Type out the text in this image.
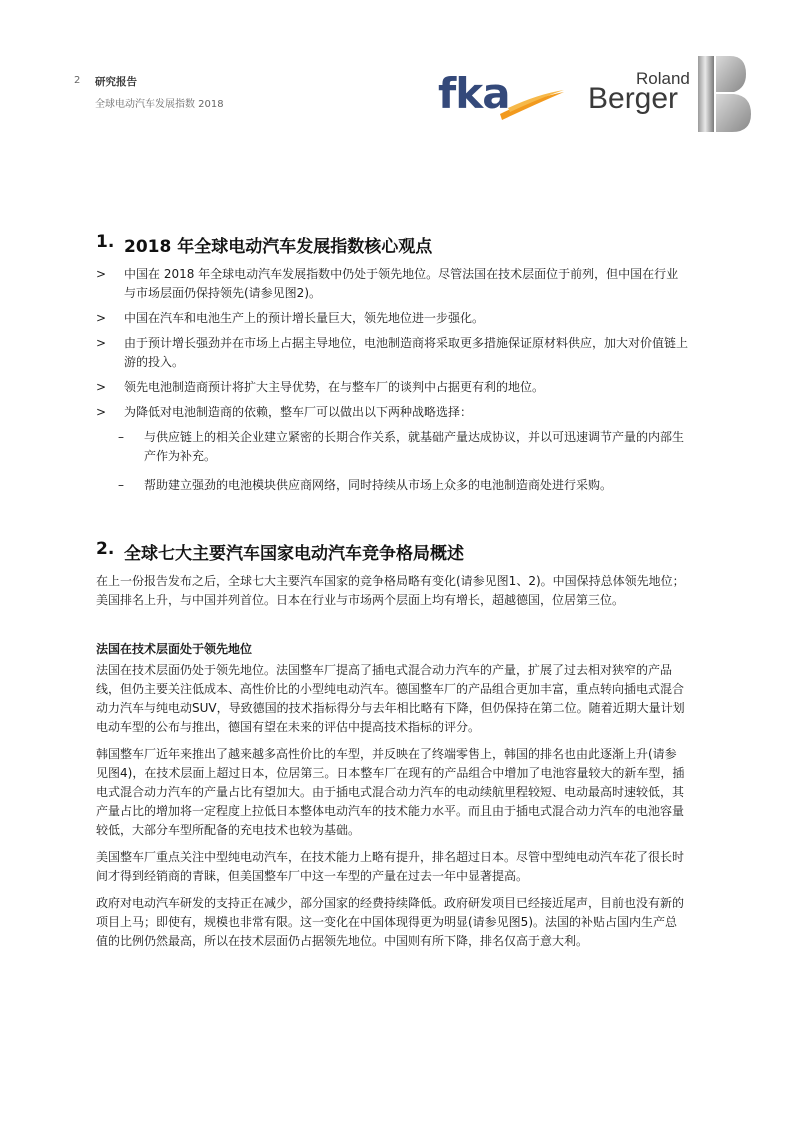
2 研究报告
全球电动汽车发展指数 2018	fka	Roland
Berger
1. 2018 年全球电动汽车发展指数核心观点
> 中国在 2018 年全球电动汽车发展指数中仍处于领先地位。尽管法国在技术层面位于前列，但中国在行业与市场层面仍保持领先(请参见图2)。
> 中国在汽车和电池生产上的预计增长量巨大，领先地位进一步强化。
> 由于预计增长强劲并在市场上占据主导地位，电池制造商将采取更多措施保证原材料供应，加大对价值链上游的投入。
> 领先电池制造商预计将扩大主导优势，在与整车厂的谈判中占据更有利的地位。
> 为降低对电池制造商的依赖，整车厂可以做出以下两种战略选择：
– 与供应链上的相关企业建立紧密的长期合作关系，就基础产量达成协议，并以可迅速调节产量的内部生产作为补充。
– 帮助建立强劲的电池模块供应商网络，同时持续从市场上众多的电池制造商处进行采购。
2. 全球七大主要汽车国家电动汽车竞争格局概述

在上一份报告发布之后，全球七大主要汽车国家的竞争格局略有变化(请参见图1、2)。中国保持总体领先地位；美国排名上升，与中国并列首位。日本在行业与市场两个层面上均有增长，超越德国，位居第三位。

法国在技术层面处于领先地位

法国在技术层面仍处于领先地位。法国整车厂提高了插电式混合动力汽车的产量，扩展了过去相对狭窄的产品线，但仍主要关注低成本、高性价比的小型纯电动汽车。德国整车厂的产品组合更加丰富，重点转向插电式混合动力汽车与纯电动SUV，导致德国的技术指标得分与去年相比略有下降，但仍保持在第二位。随着近期大量计划电动车型的公布与推出，德国有望在未来的评估中提高技术指标的评分。

韩国整车厂近年来推出了越来越多高性价比的车型，并反映在了终端零售上，韩国的排名也由此逐渐上升(请参见图4)，在技术层面上超过日本，位居第三。日本整车厂在现有的产品组合中增加了电池容量较大的新车型，插电式混合动力汽车的产量占比有望加大。由于插电式混合动力汽车的电动续航里程较短、电动最高时速较低，其产量占比的增加将一定程度上拉低日本整体电动汽车的技术能力水平。而且由于插电式混合动力汽车的电池容量较低，大部分车型所配备的充电技术也较为基础。

美国整车厂重点关注中型纯电动汽车，在技术能力上略有提升，排名超过日本。尽管中型纯电动汽车花了很长时间才得到经销商的青睐，但美国整车厂中这一车型的产量在过去一年中显著提高。

政府对电动汽车研发的支持正在减少，部分国家的经费持续降低。政府研发项目已经接近尾声，目前也没有新的项目上马；即使有，规模也非常有限。这一变化在中国体现得更为明显(请参见图5)。法国的补贴占国内生产总值的比例仍然最高，所以在技术层面仍占据领先地位。中国则有所下降，排名仅高于意大利。
